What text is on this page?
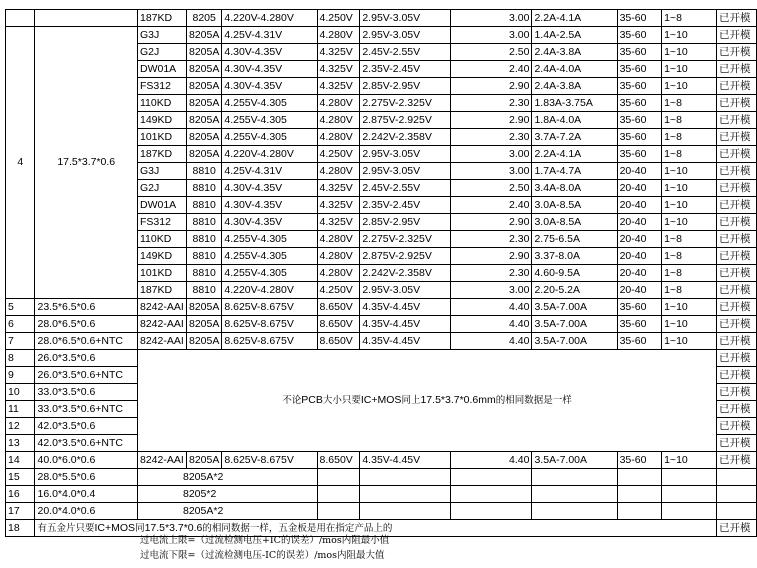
		187KD	8205	4.220V-4.280V	4.250V	2.95V-3.05V	3.00	2.2A-4.1A	35-60	1~8	已开模
4	17.5*3.7*0.6	G3J	8205A	4.25V-4.31V	4.280V	2.95V-3.05V	3.00	1.4A-2.5A	35-60	1~10	已开模
		G2J	8205A	4.30V-4.35V	4.325V	2.45V-2.55V	2.50	2.4A-3.8A	35-60	1~10	已开模
		DW01A	8205A	4.30V-4.35V	4.325V	2.35V-2.45V	2.40	2.4A-4.0A	35-60	1~10	已开模
		FS312	8205A	4.30V-4.35V	4.325V	2.85V-2.95V	2.90	2.4A-3.8A	35-60	1~10	已开模
		110KD	8205A	4.255V-4.305	4.280V	2.275V-2.325V	2.30	1.83A-3.75A	35-60	1~8	已开模
		149KD	8205A	4.255V-4.305	4.280V	2.875V-2.925V	2.90	1.8A-4.0A	35-60	1~8	已开模
		101KD	8205A	4.255V-4.305	4.280V	2.242V-2.358V	2.30	3.7A-7.2A	35-60	1~8	已开模
		187KD	8205A	4.220V-4.280V	4.250V	2.95V-3.05V	3.00	2.2A-4.1A	35-60	1~8	已开模
		G3J	8810	4.25V-4.31V	4.280V	2.95V-3.05V	3.00	1.7A-4.7A	20-40	1~10	已开模
		G2J	8810	4.30V-4.35V	4.325V	2.45V-2.55V	2.50	3.4A-8.0A	20-40	1~10	已开模
		DW01A	8810	4.30V-4.35V	4.325V	2.35V-2.45V	2.40	3.0A-8.5A	20-40	1~10	已开模
		FS312	8810	4.30V-4.35V	4.325V	2.85V-2.95V	2.90	3.0A-8.5A	20-40	1~10	已开模
		110KD	8810	4.255V-4.305	4.280V	2.275V-2.325V	2.30	2.75-6.5A	20-40	1~8	已开模
		149KD	8810	4.255V-4.305	4.280V	2.875V-2.925V	2.90	3.37-8.0A	20-40	1~8	已开模
		101KD	8810	4.255V-4.305	4.280V	2.242V-2.358V	2.30	4.60-9.5A	20-40	1~8	已开模
		187KD	8810	4.220V-4.280V	4.250V	2.95V-3.05V	3.00	2.20-5.2A	20-40	1~8	已开模
5	23.5*6.5*0.6	8242-AAI	8205A	8.625V-8.675V	8.650V	4.35V-4.45V	4.40	3.5A-7.00A	35-60	1~10	已开模
6	28.0*6.5*0.6	8242-AAI	8205A	8.625V-8.675V	8.650V	4.35V-4.45V	4.40	3.5A-7.00A	35-60	1~10	已开模
7	28.0*6.5*0.6+NTC	8242-AAI	8205A	8.625V-8.675V	8.650V	4.35V-4.45V	4.40	3.5A-7.00A	35-60	1~10	已开模
8	26.0*3.5*0.6	不论PCB大小只要IC+MOS同上17.5*3.7*0.6mm的相同数据是一样									已开模
9	26.0*3.5*0.6+NTC										已开模
10	33.0*3.5*0.6										已开模
11	33.0*3.5*0.6+NTC										已开模
12	42.0*3.5*0.6										已开模
13	42.0*3.5*0.6+NTC										已开模
14	40.0*6.0*0.6	8242-AAI	8205A	8.625V-8.675V	8.650V	4.35V-4.45V	4.40	3.5A-7.00A	35-60	1~10	已开模
15	28.0*5.5*0.6	8205A*2									
16	16.0*4.0*0.4	8205*2									
17	20.0*4.0*0.6	8205A*2									
18	有五金片只要IC+MOS同17.5*3.7*0.6的相同数据一样，五金板是用在指定产品上的										已开模
过电流上限=（过流检测电压+IC的误差）/mos内阻最小值
过电流下限=（过流检测电压-IC的误差）/mos内阻最大值
